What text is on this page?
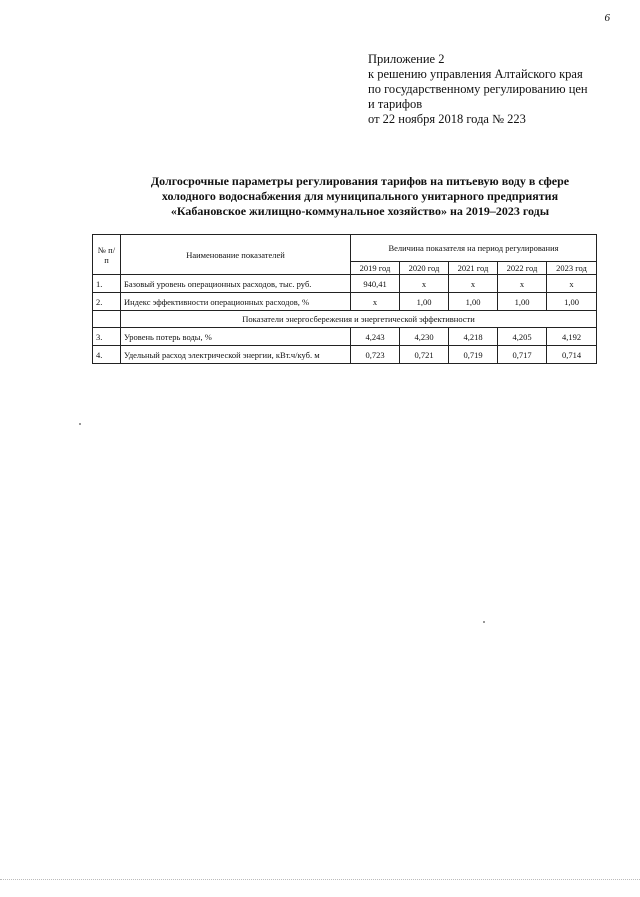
6
Приложение 2
к решению управления Алтайского края
по государственному регулированию цен
и тарифов
от 22 ноября 2018 года № 223
Долгосрочные параметры регулирования тарифов на питьевую воду в сфере
холодного водоснабжения для муниципального унитарного предприятия
«Кабановское жилищно-коммунальное хозяйство» на 2019–2023 годы
№ п/п	Наименование показателей	Величина показателя на период регулирования				
		2019 год	2020 год	2021 год	2022 год	2023 год
1.	Базовый уровень операционных расходов, тыс. руб.	940,41	х	х	х	х
2.	Индекс эффективности операционных расходов, %	х	1,00	1,00	1,00	1,00
	Показатели энергосбережения и энергетической эффективности					
3.	Уровень потерь воды, %	4,243	4,230	4,218	4,205	4,192
4.	Удельный расход электрической энергии, кВт.ч/куб. м	0,723	0,721	0,719	0,717	0,714
